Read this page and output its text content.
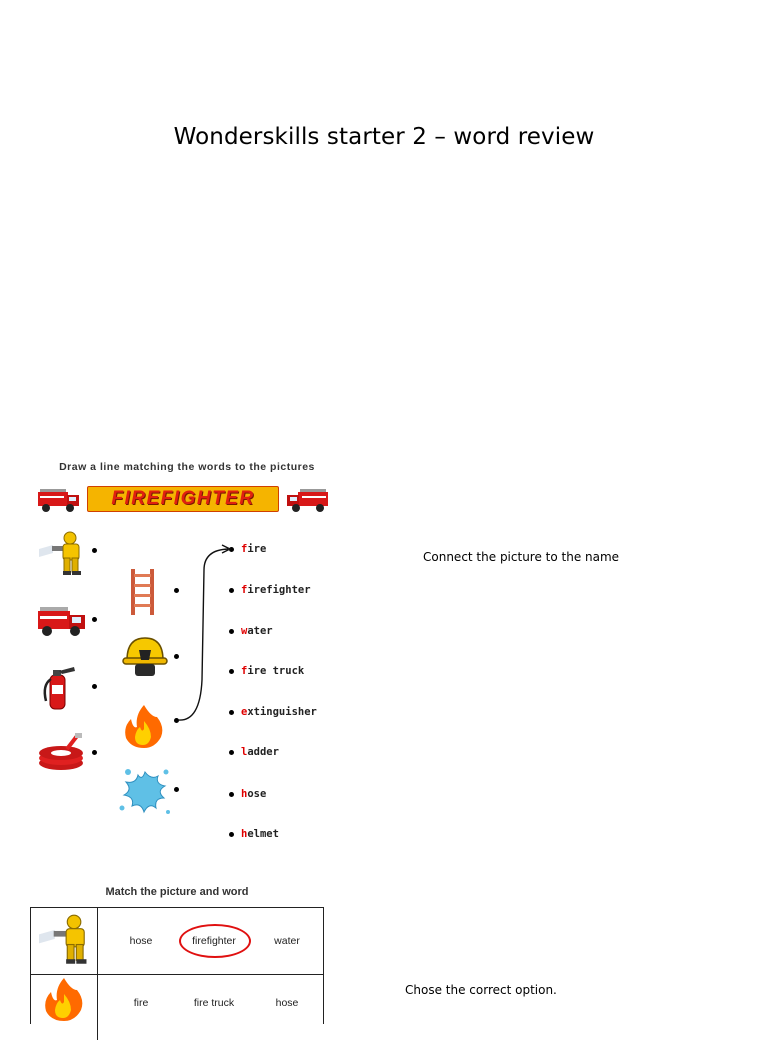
Wonderskills starter 2 – word review
Draw a line matching the words to the pictures
FIREFIGHTER
fire
firefighter
water
fire truck
extinguisher
ladder
hose
helmet
Connect the picture to the name
Match the picture and word
hose	firefighter	water
fire	fire truck	hose
Chose the correct option.
